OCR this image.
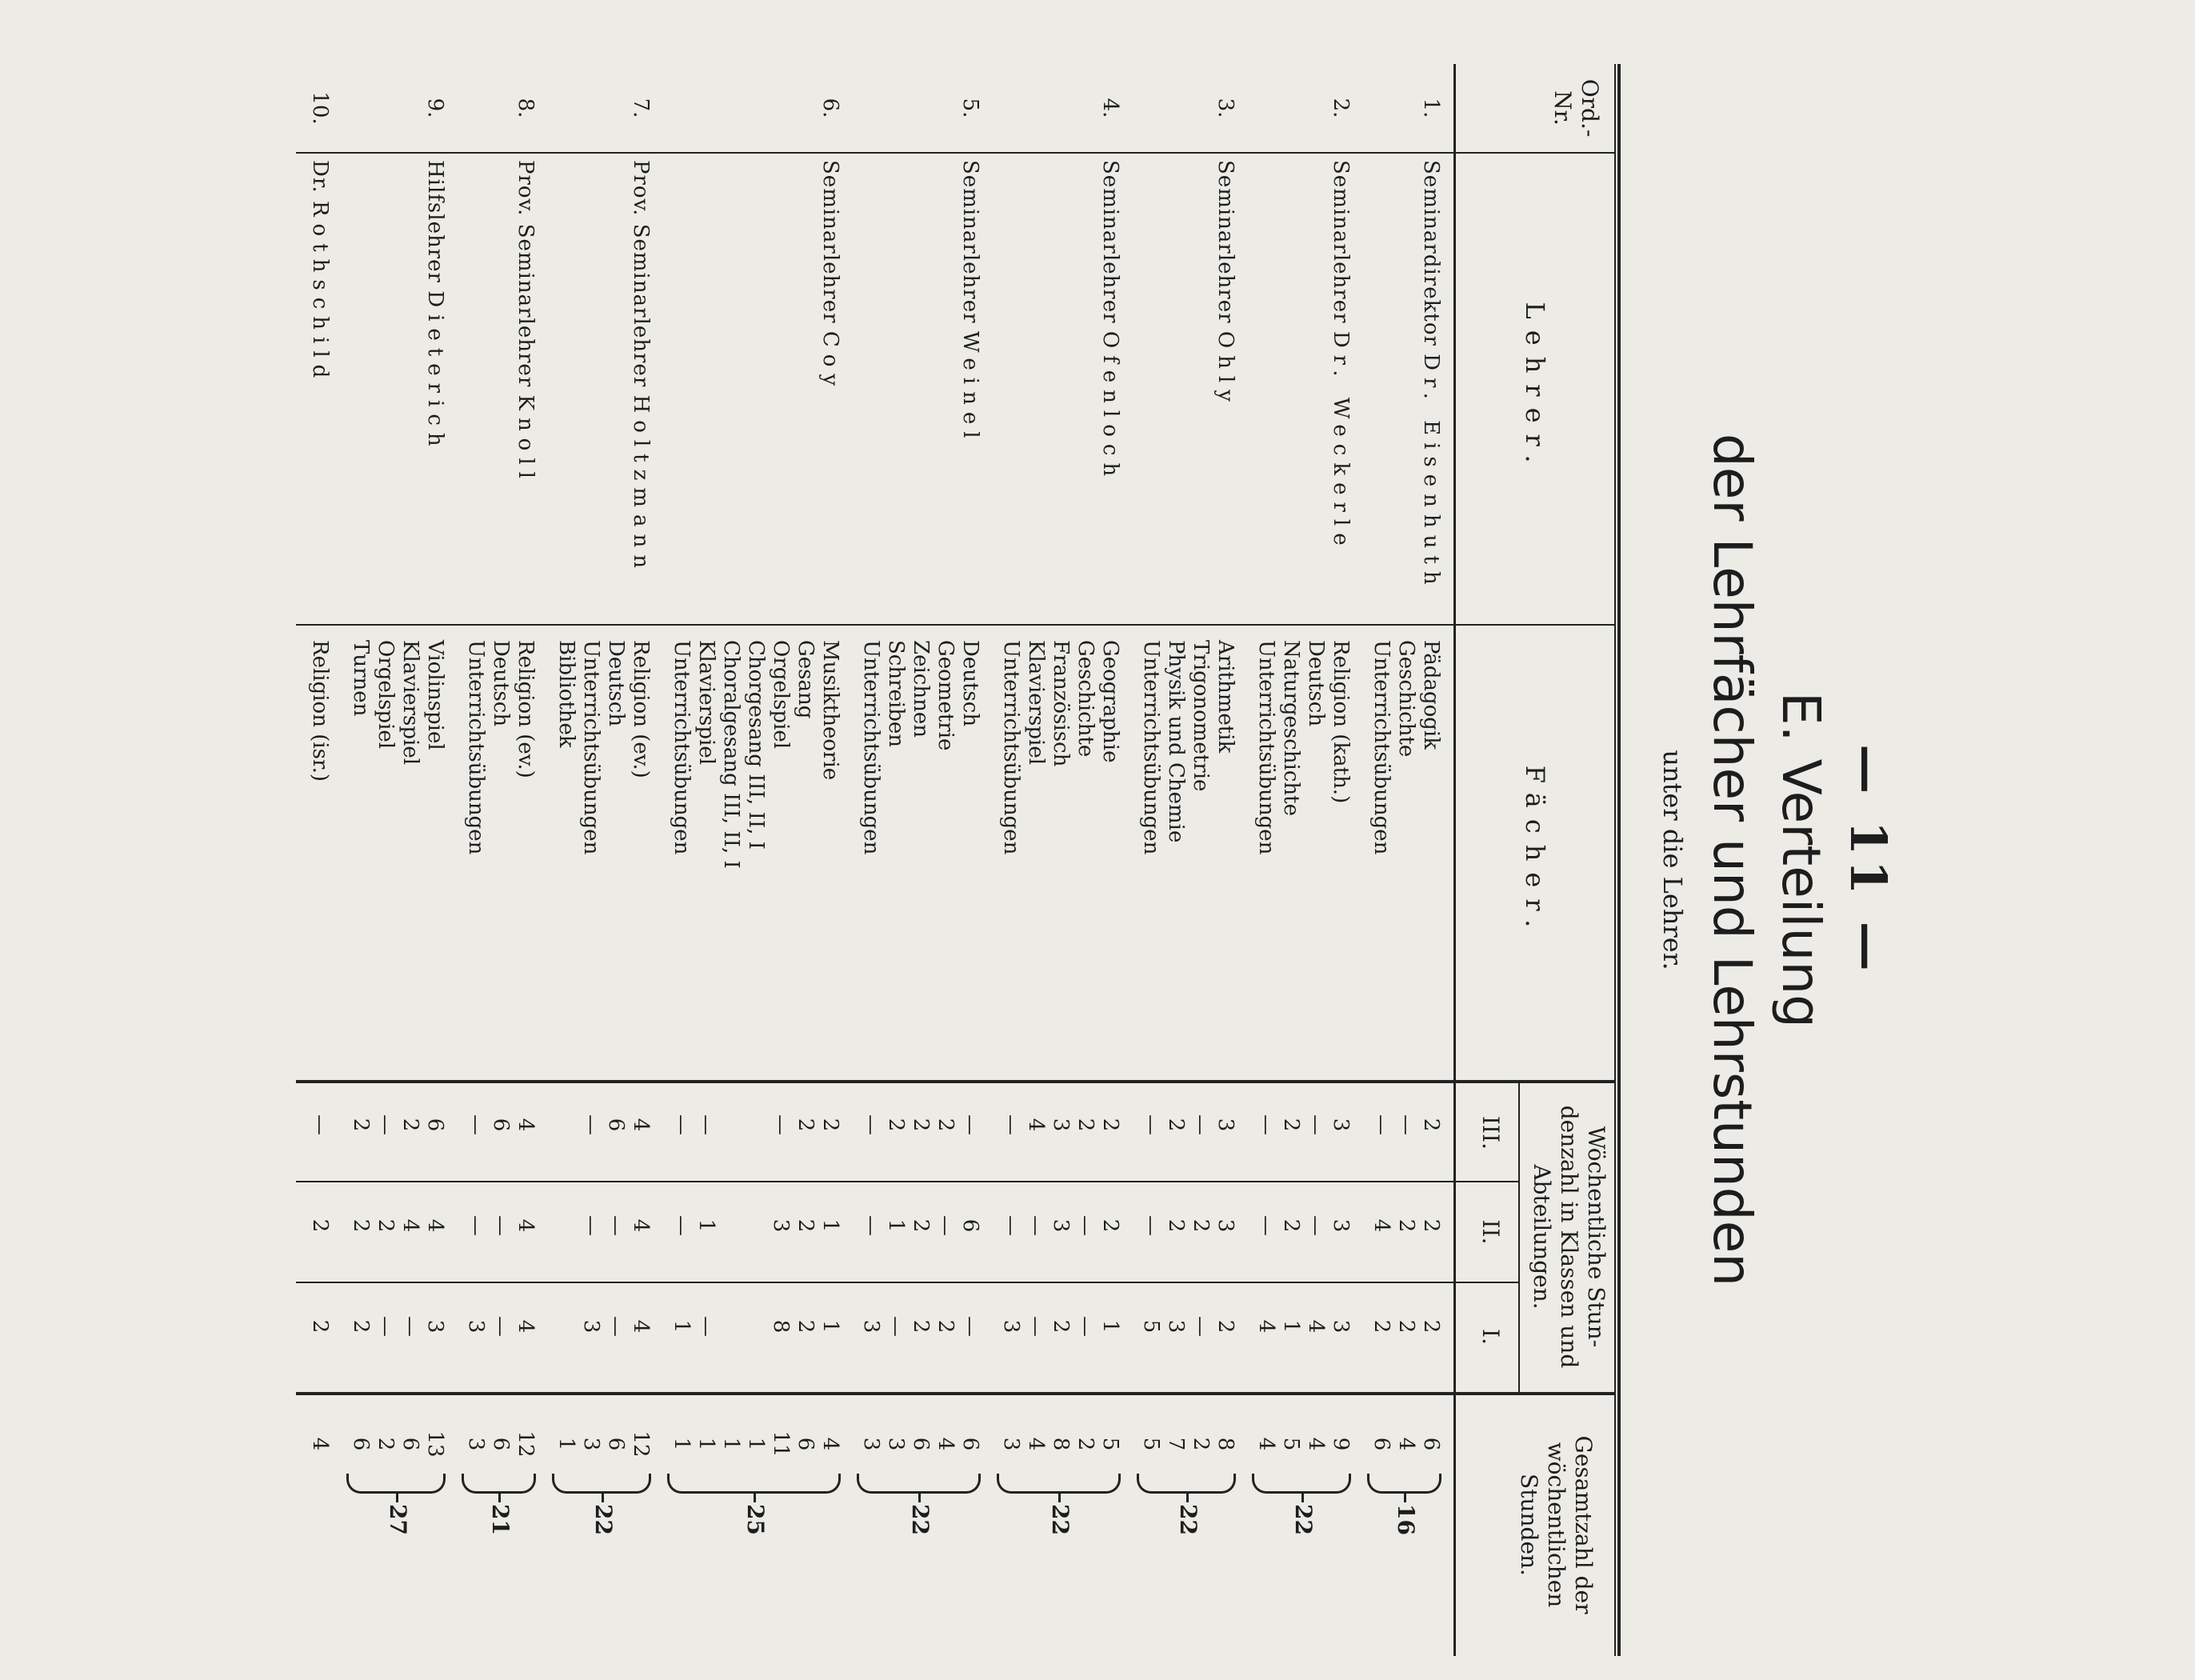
— 11 —
E. Verteilung
der Lehrfächer und Lehrstunden
unter die Lehrer.
Ord.-Nr.
Lehrer.
Fächer.
Wöchentliche Stun-denzahl in Klassen und Abteilungen.
III.
II.
I.
Gesamtzahl der wöchentlichen Stunden.
1.
Seminardirektor Dr. Eisenhuth
Pädagogik
2
2
2
6
Geschichte
—
2
2
4
Unterrichtsübungen
—
4
2
6
16
2.
Seminarlehrer Dr. Weckerle
Religion (kath.)
3
3
3
9
Deutsch
—
—
4
4
Naturgeschichte
2
2
1
5
Unterrichtsübungen
—
—
4
4
22
3.
Seminarlehrer Ohly
Arithmetik
3
3
2
8
Trigonometrie
—
2
—
2
Physik und Chemie
2
2
3
7
Unterrichtsübungen
—
—
5
5
22
4.
Seminarlehrer Ofenloch
Geographie
2
2
1
5
Geschichte
2
—
—
2
Französisch
3
3
2
8
Klavierspiel
4
—
—
4
Unterrichtsübungen
—
—
3
3
22
5.
Seminarlehrer Weinel
Deutsch
—
6
—
6
Geometrie
2
—
2
4
Zeichnen
2
2
2
6
Schreiben
2
1
—
3
Unterrichtsübungen
—
—
3
3
22
6.
Seminarlehrer Coy
Musiktheorie
2
1
1
4
Gesang
2
2
2
6
Orgelspiel
—
3
8
11
Chorgesang III, II, I
1
Choralgesang III, II, I
1
Klavierspiel
—
1
—
1
Unterrichtsübungen
—
—
1
1
25
7.
Prov. Seminarlehrer Holtzmann
Religion (ev.)
4
4
4
12
Deutsch
6
—
—
6
Unterrichtsübungen
—
—
3
3
Bibliothek
1
22
8.
Prov. Seminarlehrer Knoll
Religion (ev.)
4
4
4
12
Deutsch
6
—
—
6
Unterrichtsübungen
—
—
3
3
21
9.
Hilfslehrer Dieterich
Violinspiel
6
4
3
13
Klavierspiel
2
4
—
6
Orgelspiel
—
2
—
2
Turnen
2
2
2
6
27
10.
Dr. Rothschild
Religion (isr.)
—
2
2
4
